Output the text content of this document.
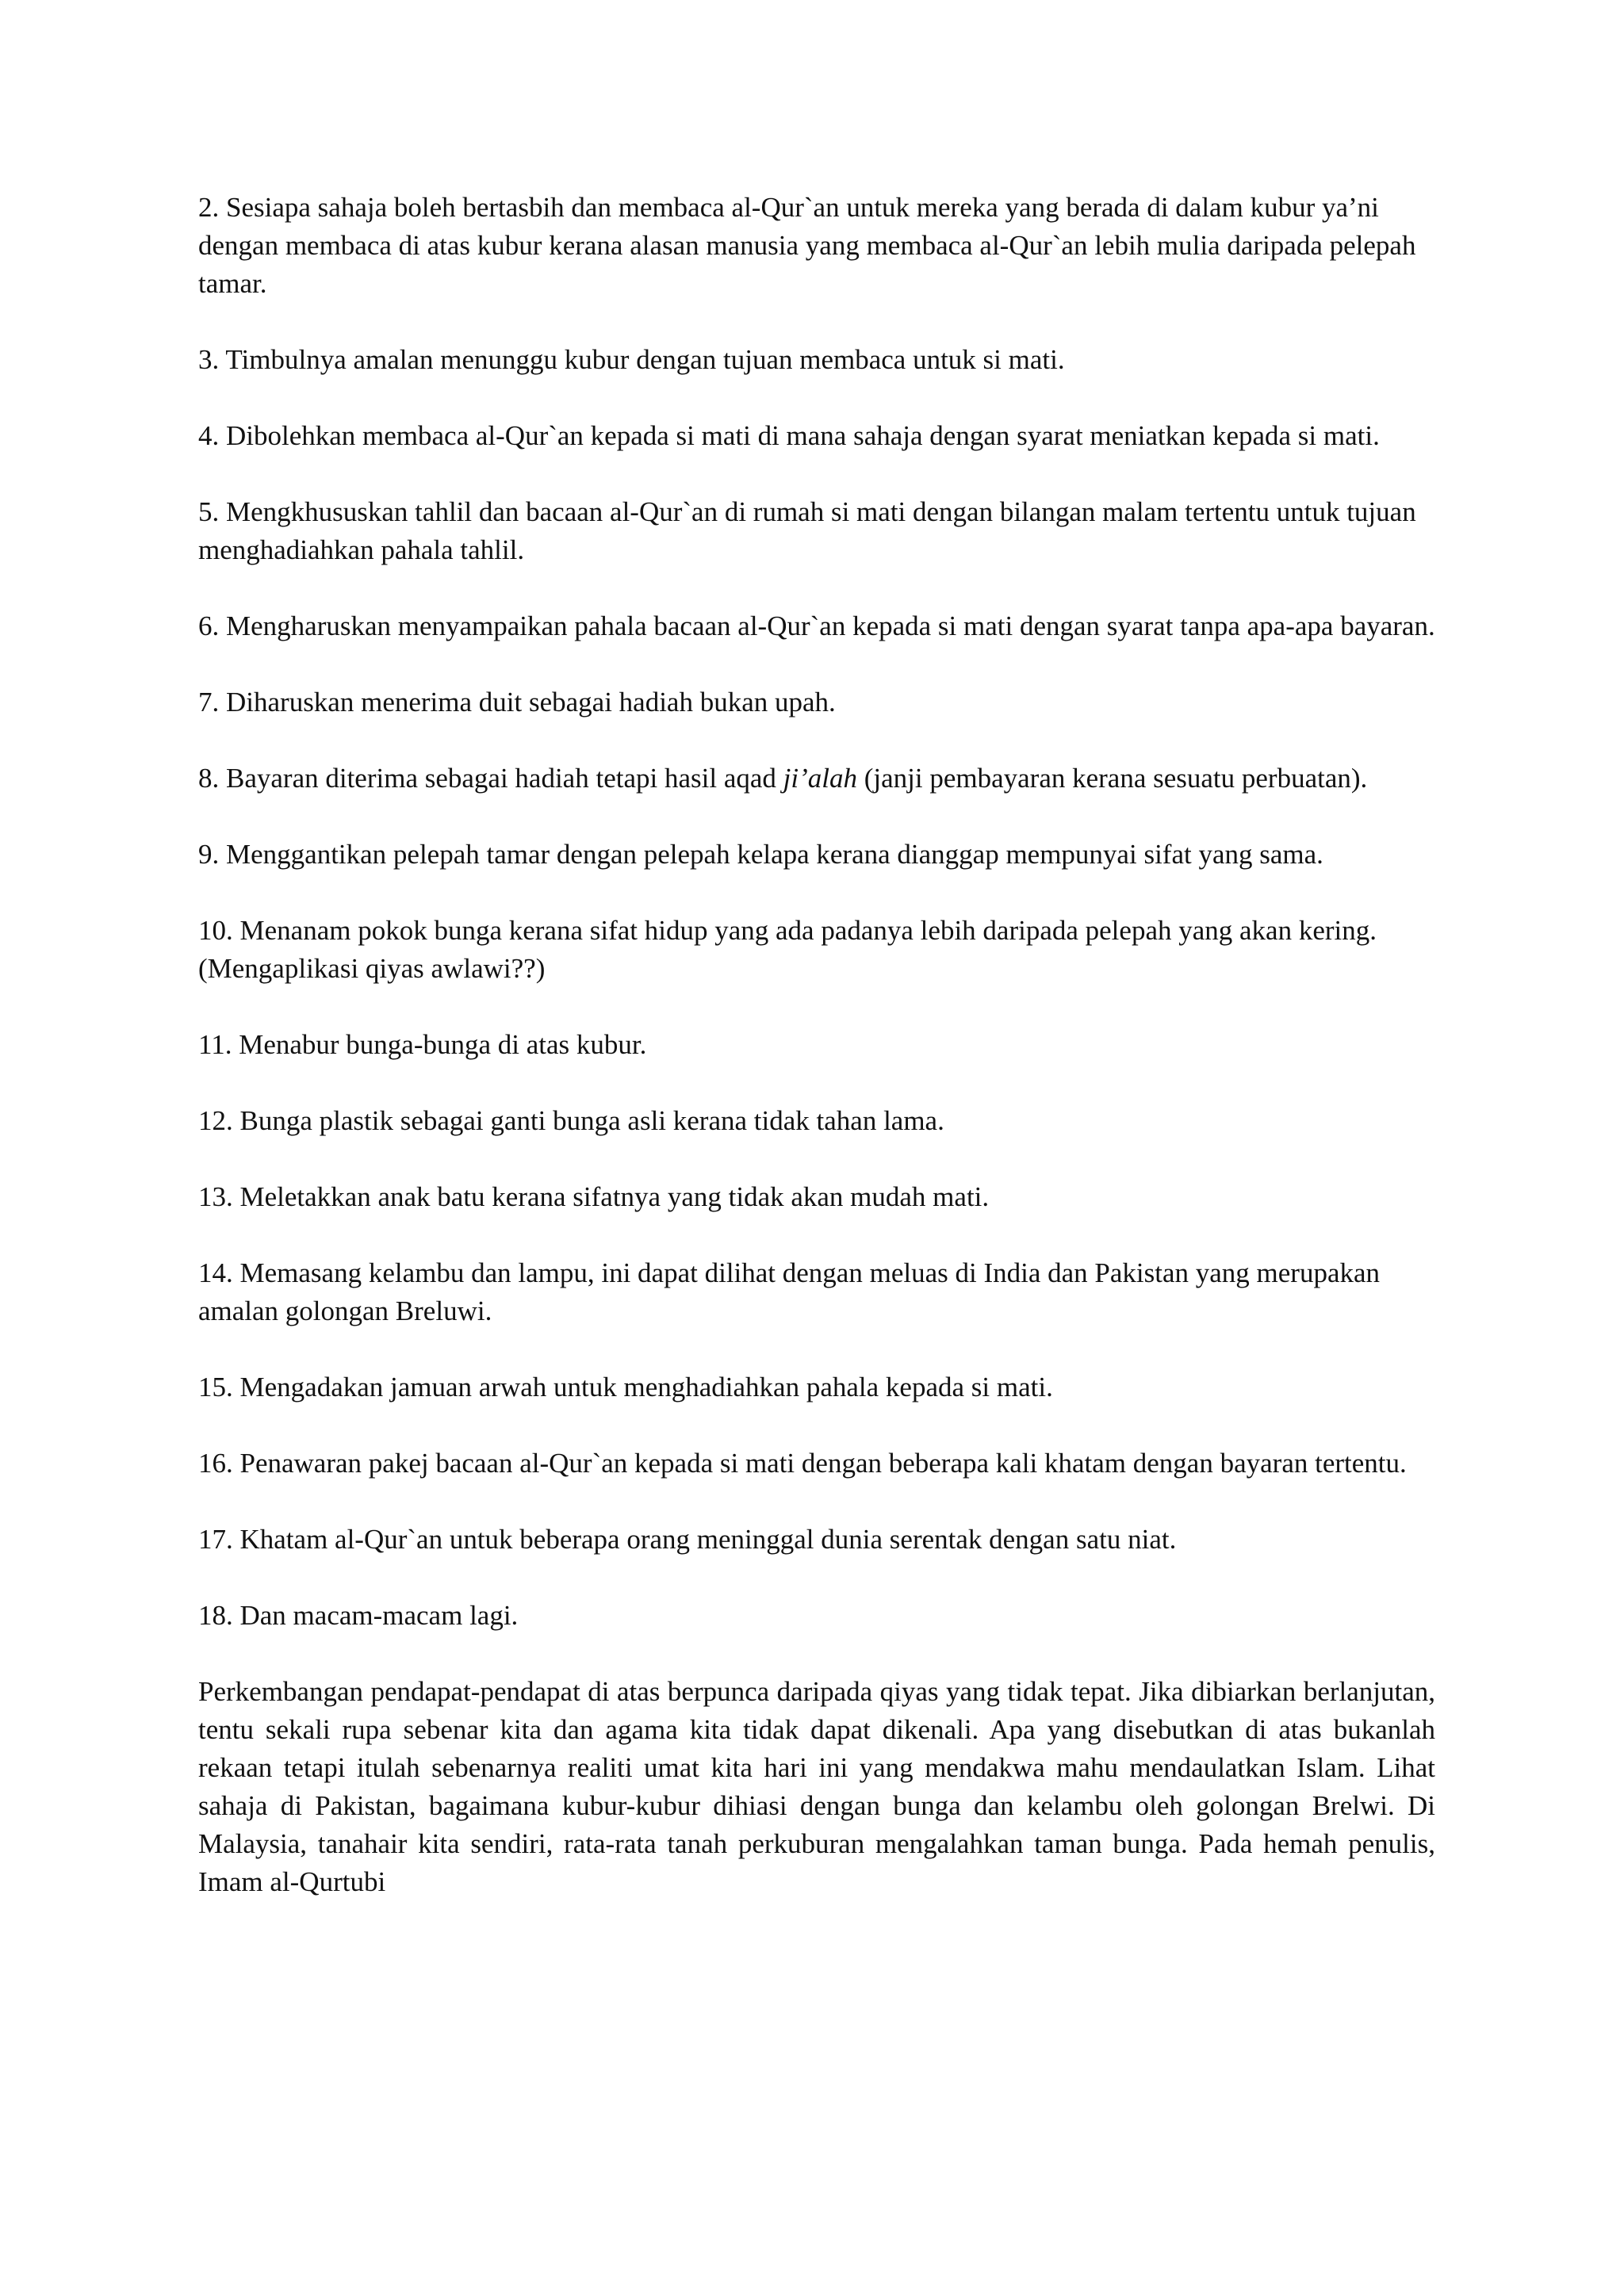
2. Sesiapa sahaja boleh bertasbih dan membaca al-Qur`an untuk mereka yang berada di dalam kubur ya’ni dengan membaca di atas kubur kerana alasan manusia yang membaca al-Qur`an lebih mulia daripada pelepah tamar.

3. Timbulnya amalan menunggu kubur dengan tujuan membaca untuk si mati.

4. Dibolehkan membaca al-Qur`an kepada si mati di mana sahaja dengan syarat meniatkan kepada si mati.

5. Mengkhususkan tahlil dan bacaan al-Qur`an di rumah si mati dengan bilangan malam tertentu untuk tujuan menghadiahkan pahala tahlil.

6. Mengharuskan menyampaikan pahala bacaan al-Qur`an kepada si mati dengan syarat tanpa apa-apa bayaran.

7. Diharuskan menerima duit sebagai hadiah bukan upah.

8. Bayaran diterima sebagai hadiah tetapi hasil aqad ji’alah (janji pembayaran kerana sesuatu perbuatan).

9. Menggantikan pelepah tamar dengan pelepah kelapa kerana dianggap mempunyai sifat yang sama.

10. Menanam pokok bunga kerana sifat hidup yang ada padanya lebih daripada pelepah yang akan kering. (Mengaplikasi qiyas awlawi??)

11. Menabur bunga-bunga di atas kubur.

12. Bunga plastik sebagai ganti bunga asli kerana tidak tahan lama.

13. Meletakkan anak batu kerana sifatnya yang tidak akan mudah mati.

14. Memasang kelambu dan lampu, ini dapat dilihat dengan meluas di India dan Pakistan yang merupakan amalan golongan Breluwi.

15. Mengadakan jamuan arwah untuk menghadiahkan pahala kepada si mati.

16. Penawaran pakej bacaan al-Qur`an kepada si mati dengan beberapa kali khatam dengan bayaran tertentu.

17. Khatam al-Qur`an untuk beberapa orang meninggal dunia serentak dengan satu niat.

18. Dan macam-macam lagi.

Perkembangan pendapat-pendapat di atas berpunca daripada qiyas yang tidak tepat. Jika dibiarkan berlanjutan, tentu sekali rupa sebenar kita dan agama kita tidak dapat dikenali. Apa yang disebutkan di atas bukanlah rekaan tetapi itulah sebenarnya realiti umat kita hari ini yang mendakwa mahu mendaulatkan Islam. Lihat sahaja di Pakistan, bagaimana kubur-kubur dihiasi dengan bunga dan kelambu oleh golongan Brelwi. Di Malaysia, tanahair kita sendiri, rata-rata tanah perkuburan mengalahkan taman bunga. Pada hemah penulis, Imam al-Qurtubi
